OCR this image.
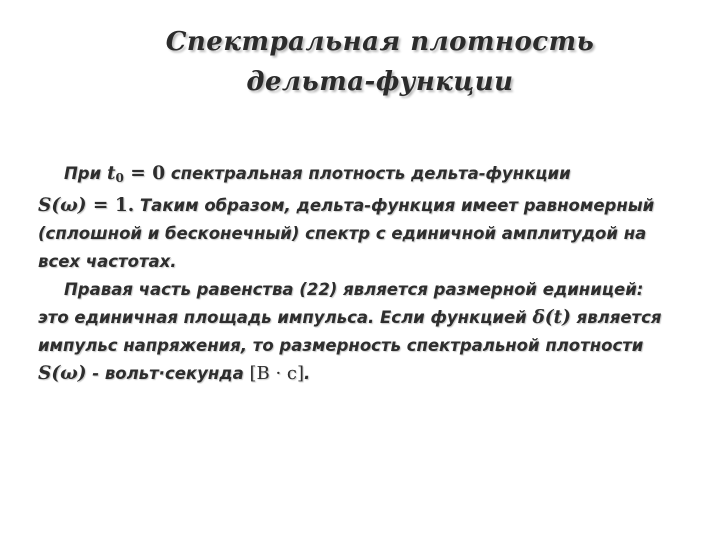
Спектральная плотность
дельта-функции
При $t_0 = 0$ спектральная плотность дельта-функции
S(ω) = 1. Таким образом, дельта-функция имеет равномерный
(сплошной и бесконечный) спектр с единичной амплитудой на
всех частотах.
Правая часть равенства (22) является размерной единицей:
это единичная площадь импульса. Если функцией δ(t) является
импульс напряжения, то размерность спектральной плотности
S(ω) - вольт·секунда [В · с].
